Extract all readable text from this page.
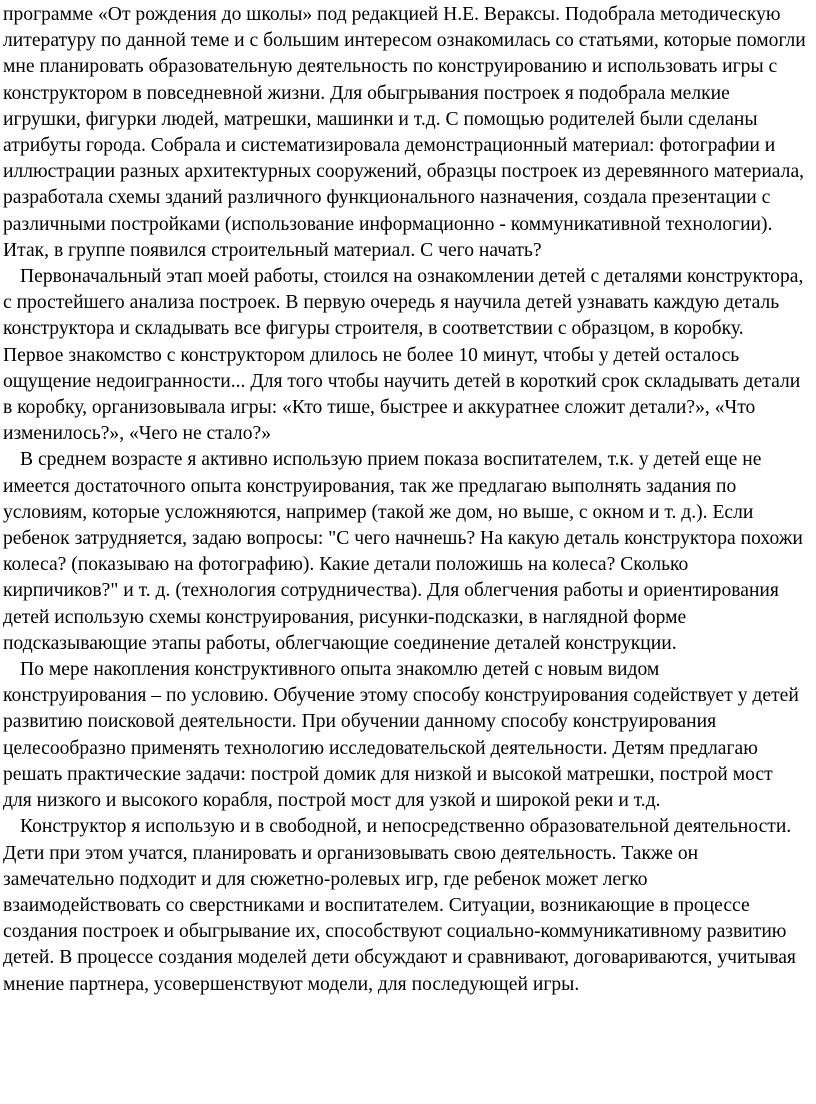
программе «От рождения до школы» под редакцией Н.Е. Вераксы. Подобрала методическую литературу по данной теме и с большим интересом ознакомилась со статьями, которые помогли мне планировать образовательную деятельность по конструированию и использовать игры с конструктором в повседневной жизни. Для обыгрывания построек я подобрала мелкие игрушки, фигурки людей, матрешки, машинки и т.д. С помощью родителей были сделаны атрибуты города. Собрала и систематизировала демонстрационный материал: фотографии и иллюстрации разных архитектурных сооружений, образцы построек из деревянного материала, разработала схемы зданий различного функционального назначения, создала презентации с различными постройками (использование информационно - коммуникативной технологии).

Итак, в группе появился строительный материал. С чего начать?

Первоначальный этап моей работы, стоился на ознакомлении детей с деталями конструктора, с простейшего анализа построек. В первую очередь я научила детей узнавать каждую деталь конструктора и складывать все фигуры строителя, в соответствии с образцом, в коробку. Первое знакомство с конструктором длилось не более 10 минут, чтобы у детей осталось ощущение недоигранности... Для того чтобы научить детей в короткий срок складывать детали в коробку, организовывала игры: «Кто тише, быстрее и аккуратнее сложит детали?», «Что изменилось?», «Чего не стало?»

В среднем возрасте я активно использую прием показа воспитателем, т.к. у детей еще не имеется достаточного опыта конструирования, так же предлагаю выполнять задания по условиям, которые усложняются, например (такой же дом, но выше, с окном и т. д.). Если ребенок затрудняется, задаю вопросы: "С чего начнешь? На какую деталь конструктора похожи колеса? (показываю на фотографию). Какие детали положишь на колеса? Сколько кирпичиков?" и т. д. (технология сотрудничества). Для облегчения работы и ориентирования детей использую схемы конструирования, рисунки-подсказки, в наглядной форме подсказывающие этапы работы, облегчающие соединение деталей конструкции.

По мере накопления конструктивного опыта знакомлю детей с новым видом конструирования – по условию. Обучение этому способу конструирования содействует у детей развитию поисковой деятельности. При обучении данному способу конструирования целесообразно применять технологию исследовательской деятельности. Детям предлагаю решать практические задачи: построй домик для низкой и высокой матрешки, построй мост для низкого и высокого корабля, построй мост для узкой и широкой реки и т.д.

Конструктор я использую и в свободной, и непосредственно образовательной деятельности. Дети при этом учатся, планировать и организовывать свою деятельность. Также он замечательно подходит и для сюжетно-ролевых игр, где ребенок может легко взаимодействовать со сверстниками и воспитателем. Ситуации, возникающие в процессе создания построек и обыгрывание их, способствуют социально-коммуникативному развитию детей. В процессе создания моделей дети обсуждают и сравнивают, договариваются, учитывая мнение партнера, усовершенствуют модели, для последующей игры.
